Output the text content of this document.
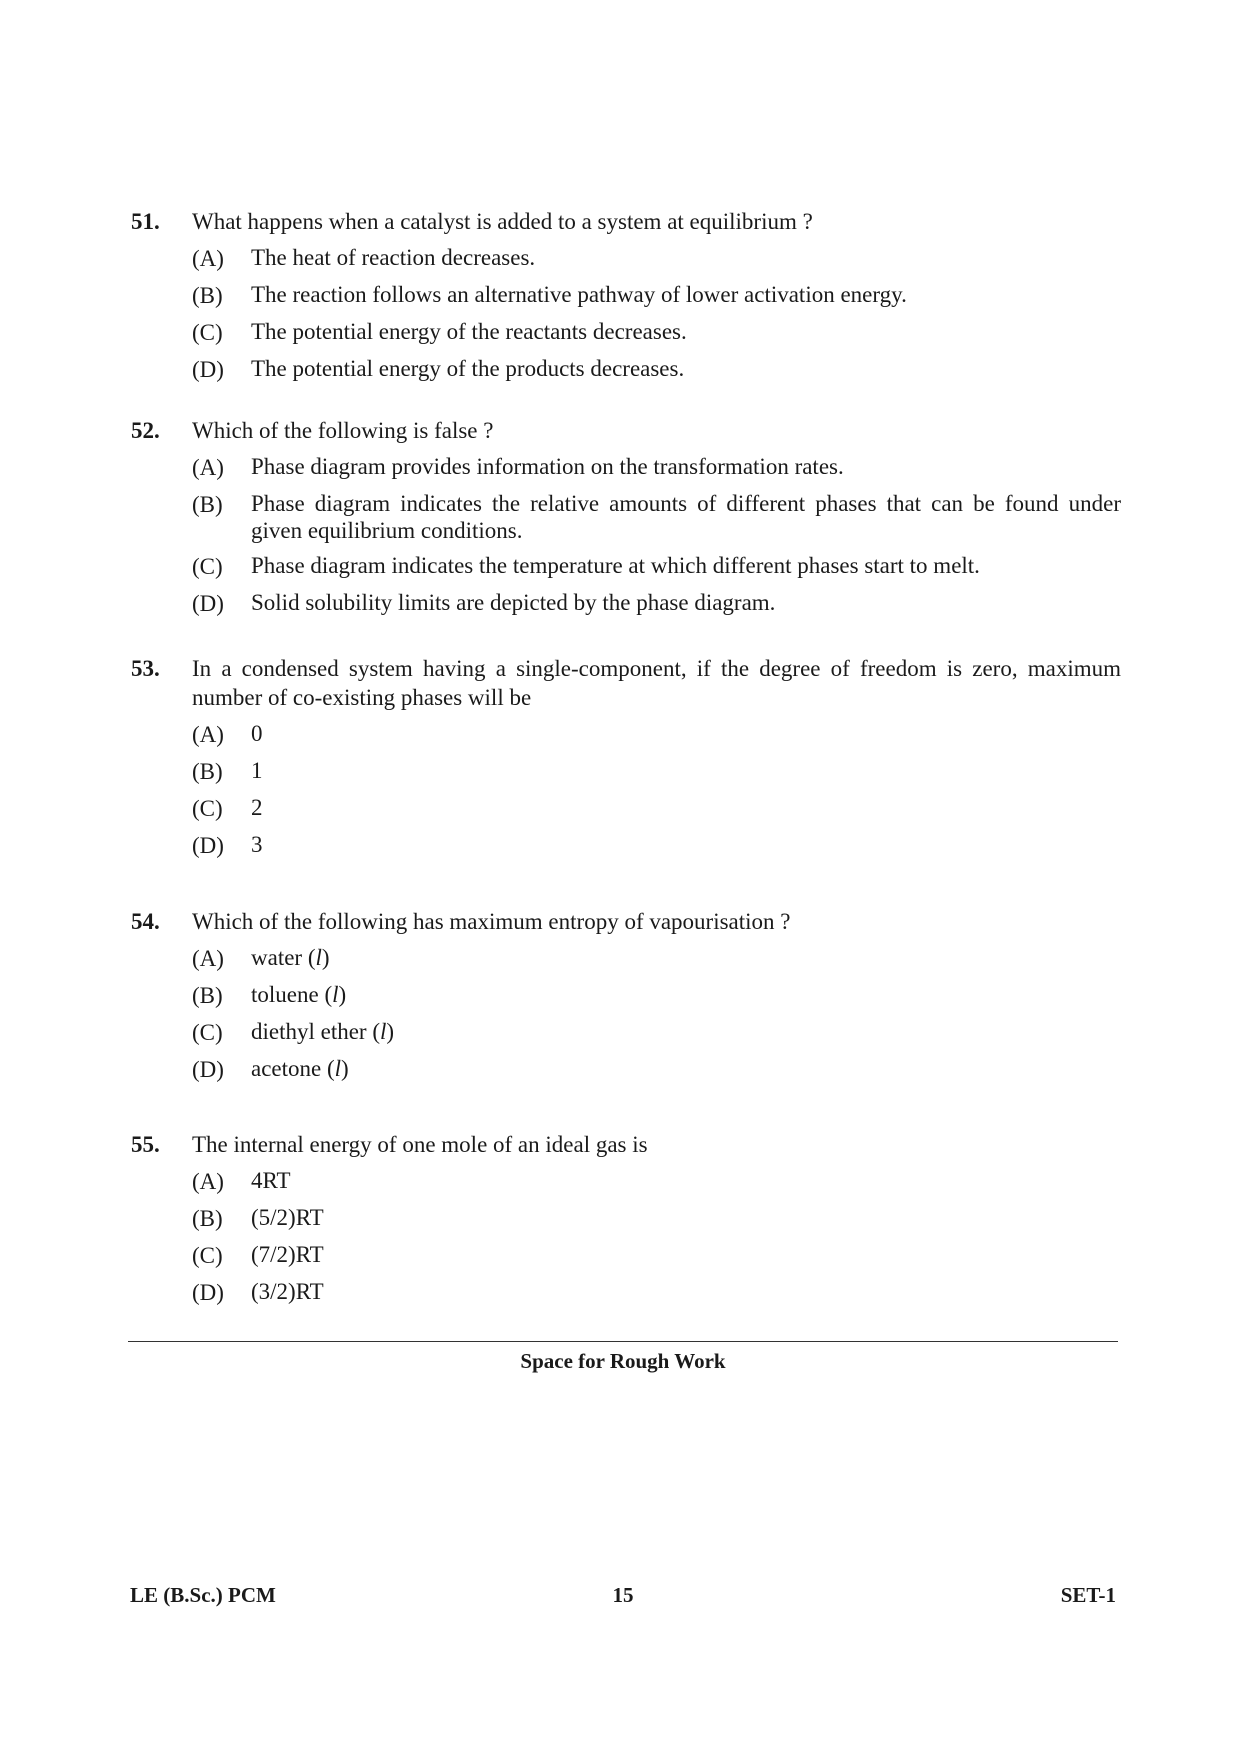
51.	What happens when a catalyst is added to a system at equilibrium ?
(A)	The heat of reaction decreases.
(B)	The reaction follows an alternative pathway of lower activation energy.
(C)	The potential energy of the reactants decreases.
(D)	The potential energy of the products decreases.
52.	Which of the following is false ?
(A)	Phase diagram provides information on the transformation rates.
(B)	Phase diagram indicates the relative amounts of different phases that can be found under given equilibrium conditions.
(C)	Phase diagram indicates the temperature at which different phases start to melt.
(D)	Solid solubility limits are depicted by the phase diagram.
53.	In a condensed system having a single-component, if the degree of freedom is zero, maximum number of co-existing phases will be
(A)	0
(B)	1
(C)	2
(D)	3
54.	Which of the following has maximum entropy of vapourisation ?
(A)	water (l)
(B)	toluene (l)
(C)	diethyl ether (l)
(D)	acetone (l)
55.	The internal energy of one mole of an ideal gas is
(A)	4RT
(B)	(5/2)RT
(C)	(7/2)RT
(D)	(3/2)RT
Space for Rough Work
LE (B.Sc.) PCM	15	SET-1
